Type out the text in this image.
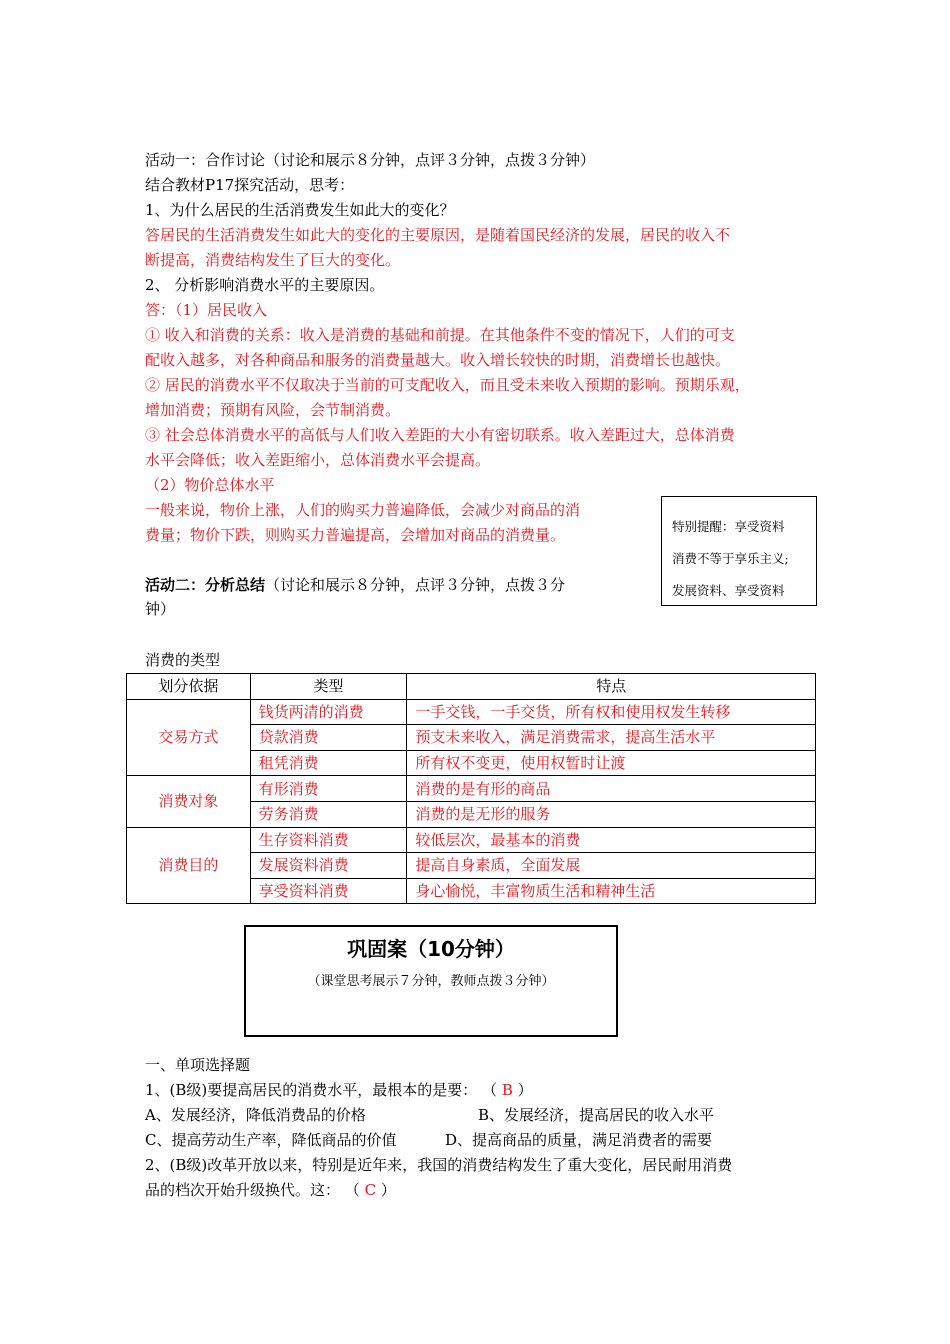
活动一：合作讨论（讨论和展示８分钟，点评３分钟，点拨３分钟）
结合教材P17探究活动，思考：
1、为什么居民的生活消费发生如此大的变化？
答居民的生活消费发生如此大的变化的主要原因，是随着国民经济的发展，居民的收入不
断提高，消费结构发生了巨大的变化。
2、 分析影响消费水平的主要原因。
答：（1）居民收入
① 收入和消费的关系：收入是消费的基础和前提。在其他条件不变的情况下，人们的可支
配收入越多，对各种商品和服务的消费量越大。收入增长较快的时期，消费增长也越快。
② 居民的消费水平不仅取决于当前的可支配收入，而且受未来收入预期的影响。预期乐观，
增加消费；预期有风险，会节制消费。
③ 社会总体消费水平的高低与人们收入差距的大小有密切联系。收入差距过大，总体消费
水平会降低；收入差距缩小，总体消费水平会提高。
（2）物价总体水平
一般来说，物价上涨，人们的购买力普遍降低，会减少对商品的消
费量；物价下跌，则购买力普遍提高，会增加对商品的消费量。
活动二：分析总结（讨论和展示８分钟，点评３分钟，点拨３分
钟）
特别提醒：享受资料
消费不等于享乐主义;
发展资料、享受资料
消费的类型
划分依据	类型	特点
交易方式	钱货两清的消费	一手交钱，一手交货，所有权和使用权发生转移
	贷款消费	预支未来收入，满足消费需求，提高生活水平
	租凭消费	所有权不变更，使用权暂时让渡
消费对象	有形消费	消费的是有形的商品
	劳务消费	消费的是无形的服务
消费目的	生存资料消费	较低层次，最基本的消费
	发展资料消费	提高自身素质，全面发展
	享受资料消费	身心愉悦，丰富物质生活和精神生活
巩固案（10分钟）
（课堂思考展示７分钟，教师点拨３分钟）
一、单项选择题
1、(B级)要提高居民的消费水平，最根本的是要： （ B ）
A、发展经济，降低消费品的价格	B、发展经济，提高居民的收入水平
C、提高劳动生产率，降低商品的价值	D、提高商品的质量，满足消费者的需要
2、(B级)改革开放以来，特别是近年来，我国的消费结构发生了重大变化，居民耐用消费
品的档次开始升级换代。这： （ C ）
